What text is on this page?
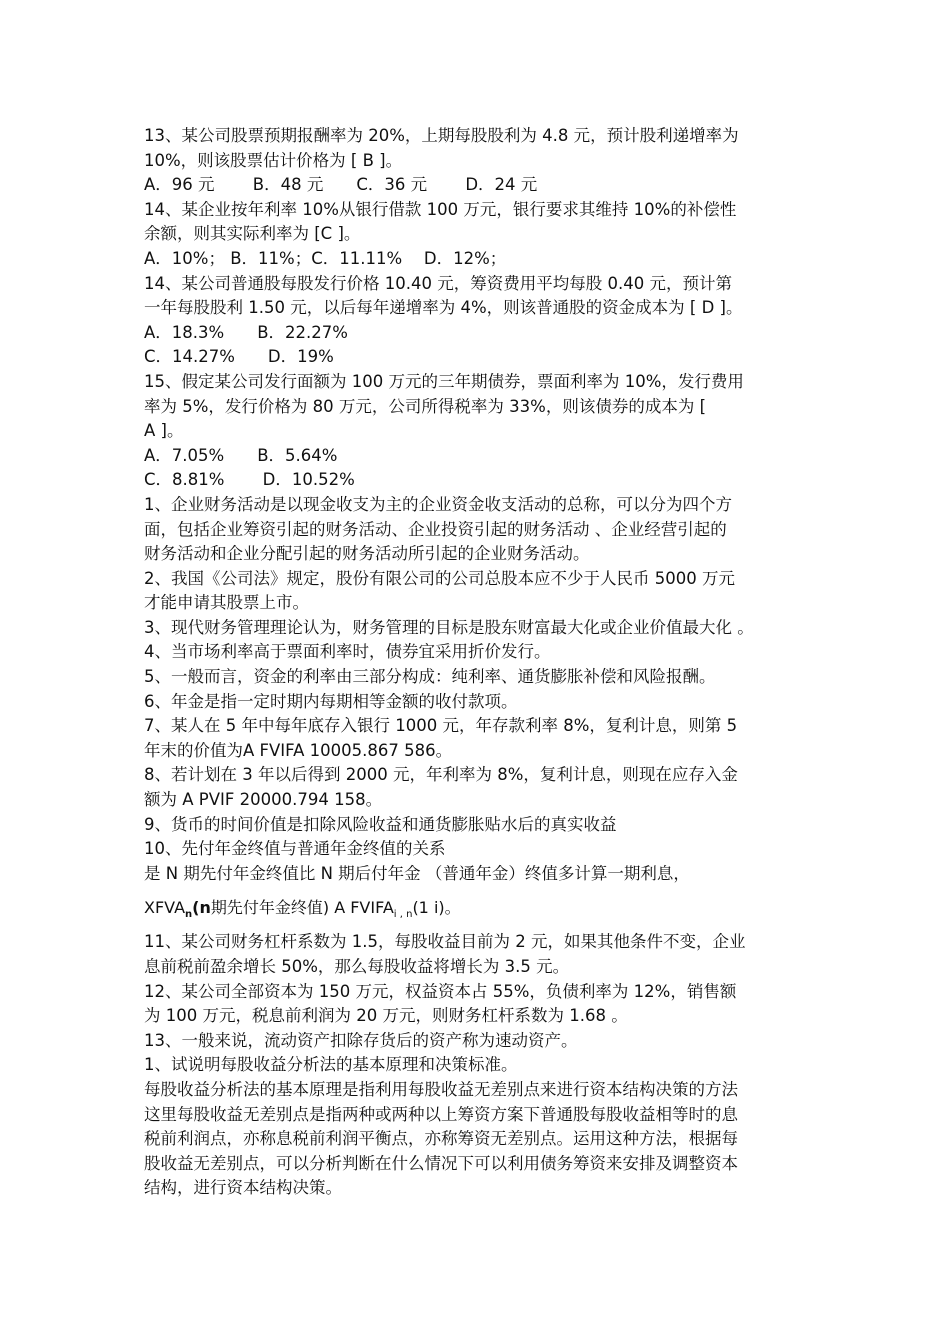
13、某公司股票预期报酬率为 20%，上期每股股利为 4.8 元，预计股利递增率为
10%，则该股票估计价格为 [ B ]。
A．96 元　　 B．48 元　　C．36 元　　 D．24 元
14、某企业按年利率 10%从银行借款 100 万元，银行要求其维持 10%的补偿性
余额，则其实际利率为 [C ]。
A．10%； B．11%；C．11.11%　 D．12%；
14、某公司普通股每股发行价格 10.40 元，筹资费用平均每股 0.40 元，预计第
一年每股股利 1.50 元，以后每年递增率为 4%，则该普通股的资金成本为 [ D ]。
A．18.3%　　B．22.27%
C．14.27%　　D．19%
15、假定某公司发行面额为 100 万元的三年期债券，票面利率为 10%，发行费用
率为 5%，发行价格为 80 万元，公司所得税率为 33%，则该债券的成本为 [
A ]。
A．7.05%　　B．5.64%
C．8.81%　　 D．10.52%
1、企业财务活动是以现金收支为主的企业资金收支活动的总称，可以分为四个方
面，包括企业筹资引起的财务活动、企业投资引起的财务活动 、企业经营引起的
财务活动和企业分配引起的财务活动所引起的企业财务活动。
2、我国《公司法》规定，股份有限公司的公司总股本应不少于人民币 5000 万元
才能申请其股票上市。
3、现代财务管理理论认为，财务管理的目标是股东财富最大化或企业价值最大化 。
4、当市场利率高于票面利率时，债券宜采用折价发行。
5、一般而言，资金的利率由三部分构成：纯利率、通货膨胀补偿和风险报酬。
6、年金是指一定时期内每期相等金额的收付款项。
7、某人在 5 年中每年底存入银行 1000 元，年存款利率 8%，复利计息，则第 5
年末的价值为A FVIFA 10005.867 586。
8、若计划在 3 年以后得到 2000 元，年利率为 8%，复利计息，则现在应存入金
额为 A PVIF 20000.794 158。
9、货币的时间价值是扣除风险收益和通货膨胀贴水后的真实收益
10、先付年金终值与普通年金终值的关系
是 N 期先付年金终值比 N 期后付年金 （普通年金）终值多计算一期利息，
$XFVA_n(n$期先付年金终值) A $FVIFA_{i , n}(1$ i)。
11、某公司财务杠杆系数为 1.5，每股收益目前为 2 元，如果其他条件不变，企业
息前税前盈余增长 50%，那么每股收益将增长为 3.5 元。
12、某公司全部资本为 150 万元，权益资本占 55%，负债利率为 12%，销售额
为 100 万元，税息前利润为 20 万元，则财务杠杆系数为 1.68 。
13、一般来说，流动资产扣除存货后的资产称为速动资产。
1、试说明每股收益分析法的基本原理和决策标准。
每股收益分析法的基本原理是指利用每股收益无差别点来进行资本结构决策的方法
这里每股收益无差别点是指两种或两种以上筹资方案下普通股每股收益相等时的息
税前利润点，亦称息税前利润平衡点，亦称筹资无差别点。运用这种方法，根据每
股收益无差别点，可以分析判断在什么情况下可以利用债务筹资来安排及调整资本
结构，进行资本结构决策。
